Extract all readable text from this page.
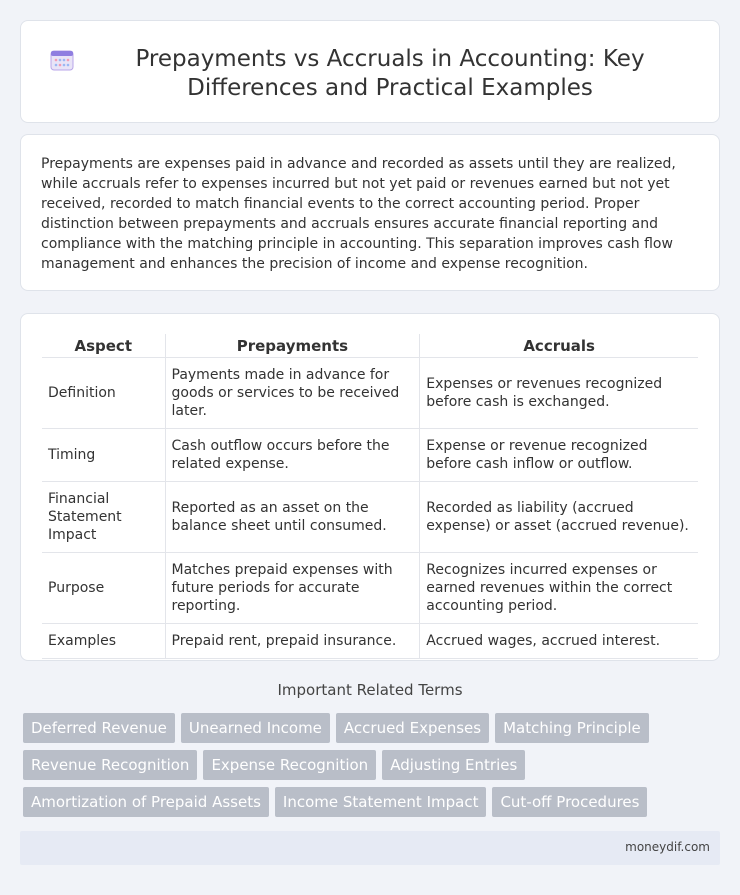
Prepayments vs Accruals in Accounting: Key Differences and Practical Examples

Prepayments are expenses paid in advance and recorded as assets until they are realized, while accruals refer to expenses incurred but not yet paid or revenues earned but not yet received, recorded to match financial events to the correct accounting period. Proper distinction between prepayments and accruals ensures accurate financial reporting and compliance with the matching principle in accounting. This separation improves cash flow management and enhances the precision of income and expense recognition.

Aspect	Prepayments	Accruals
Definition	Payments made in advance for goods or services to be received later.	Expenses or revenues recognized before cash is exchanged.
Timing	Cash outflow occurs before the related expense.	Expense or revenue recognized before cash inflow or outflow.
Financial Statement Impact	Reported as an asset on the balance sheet until consumed.	Recorded as liability (accrued expense) or asset (accrued revenue).
Purpose	Matches prepaid expenses with future periods for accurate reporting.	Recognizes incurred expenses or earned revenues within the correct accounting period.
Examples	Prepaid rent, prepaid insurance.	Accrued wages, accrued interest.
Important Related Terms
Deferred Revenue	Unearned Income	Accrued Expenses	Matching Principle
Revenue Recognition	Expense Recognition	Adjusting Entries
Amortization of Prepaid Assets	Income Statement Impact	Cut-off Procedures
moneydif.com
